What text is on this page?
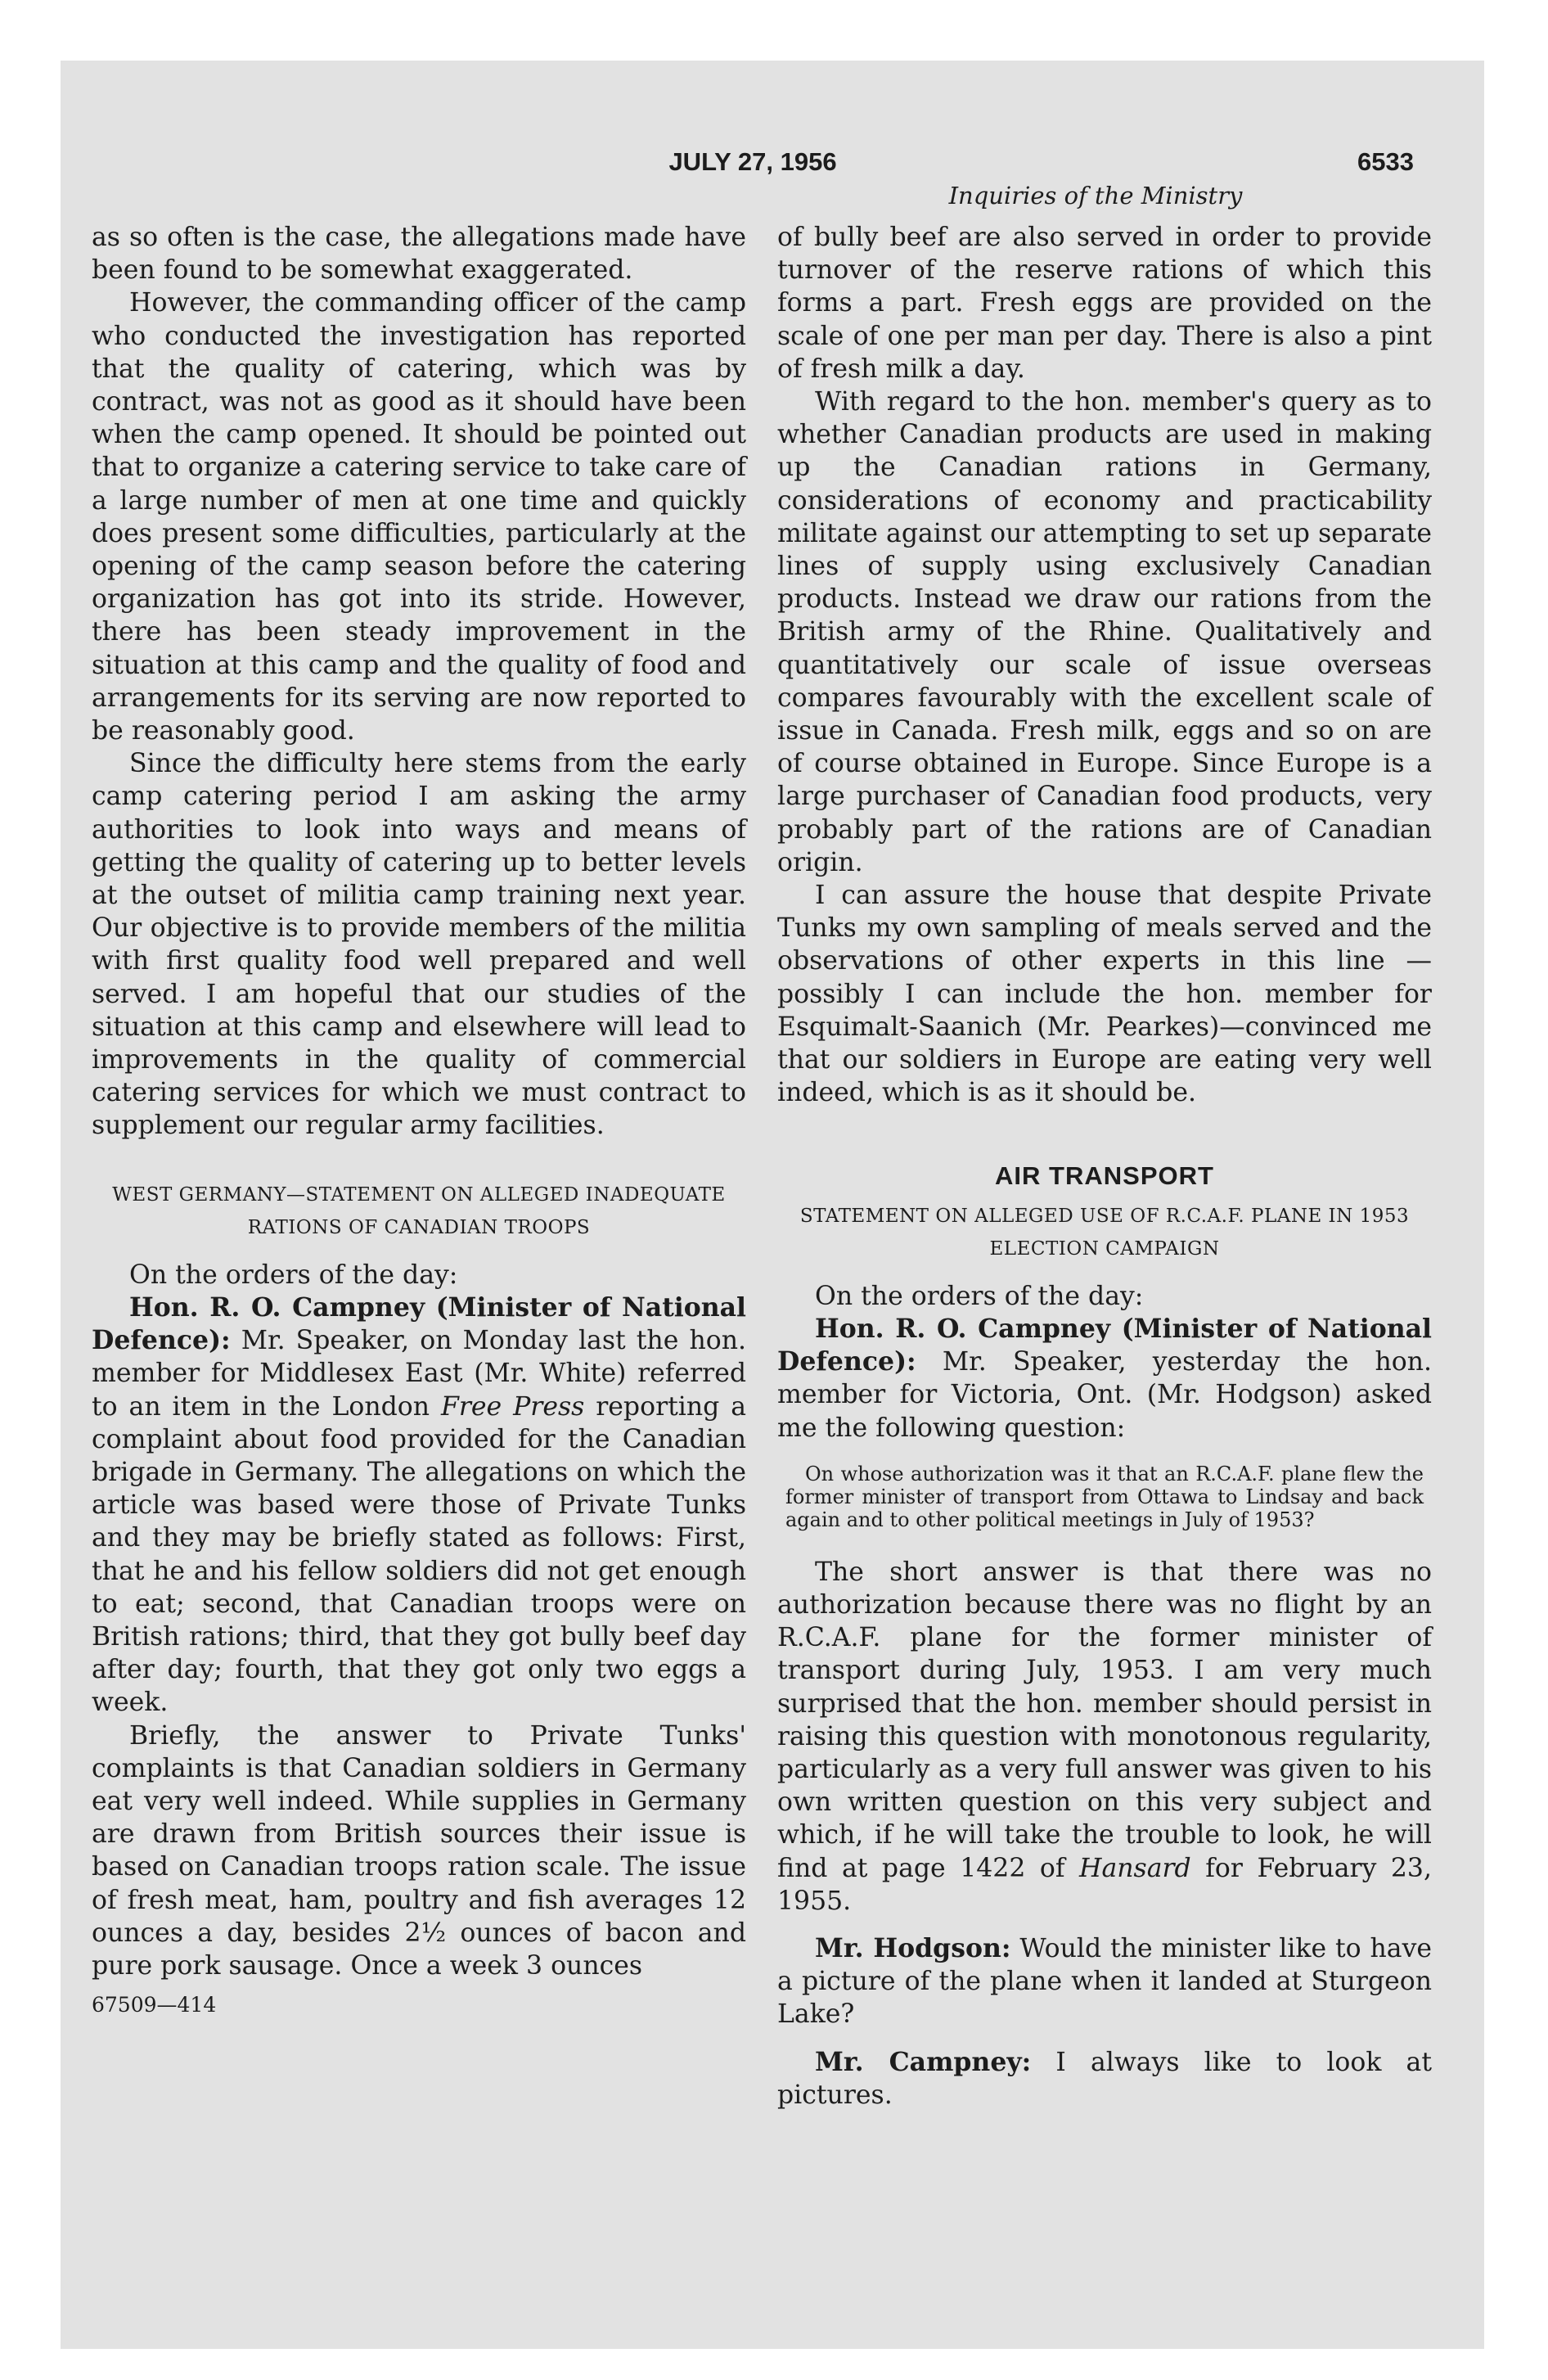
JULY 27, 1956	6533
Inquiries of the Ministry

as so often is the case, the allegations made have been found to be somewhat exaggerated.

However, the commanding officer of the camp who conducted the investigation has reported that the quality of catering, which was by contract, was not as good as it should have been when the camp opened. It should be pointed out that to organize a catering service to take care of a large number of men at one time and quickly does present some difficulties, particularly at the opening of the camp season before the catering organization has got into its stride. However, there has been steady improvement in the situation at this camp and the quality of food and arrangements for its serving are now reported to be reasonably good.

Since the difficulty here stems from the early camp catering period I am asking the army authorities to look into ways and means of getting the quality of catering up to better levels at the outset of militia camp training next year. Our objective is to provide members of the militia with first quality food well prepared and well served. I am hopeful that our studies of the situation at this camp and elsewhere will lead to improvements in the quality of commercial catering services for which we must contract to supplement our regular army facilities.

WEST GERMANY—STATEMENT ON ALLEGED INADEQUATE RATIONS OF CANADIAN TROOPS

On the orders of the day:

Hon. R. O. Campney (Minister of National Defence): Mr. Speaker, on Monday last the hon. member for Middlesex East (Mr. White) referred to an item in the London Free Press reporting a complaint about food provided for the Canadian brigade in Germany. The allegations on which the article was based were those of Private Tunks and they may be briefly stated as follows: First, that he and his fellow soldiers did not get enough to eat; second, that Canadian troops were on British rations; third, that they got bully beef day after day; fourth, that they got only two eggs a week.

Briefly, the answer to Private Tunks' complaints is that Canadian soldiers in Germany eat very well indeed. While supplies in Germany are drawn from British sources their issue is based on Canadian troops ration scale. The issue of fresh meat, ham, poultry and fish averages 12 ounces a day, besides 2½ ounces of bacon and pure pork sausage. Once a week 3 ounces

67509—414

of bully beef are also served in order to provide turnover of the reserve rations of which this forms a part. Fresh eggs are provided on the scale of one per man per day. There is also a pint of fresh milk a day.

With regard to the hon. member's query as to whether Canadian products are used in making up the Canadian rations in Germany, considerations of economy and practicability militate against our attempting to set up separate lines of supply using exclusively Canadian products. Instead we draw our rations from the British army of the Rhine. Qualitatively and quantitatively our scale of issue overseas compares favourably with the excellent scale of issue in Canada. Fresh milk, eggs and so on are of course obtained in Europe. Since Europe is a large purchaser of Canadian food products, very probably part of the rations are of Canadian origin.

I can assure the house that despite Private Tunks my own sampling of meals served and the observations of other experts in this line —possibly I can include the hon. member for Esquimalt-Saanich (Mr. Pearkes)—convinced me that our soldiers in Europe are eating very well indeed, which is as it should be.

AIR TRANSPORT
STATEMENT ON ALLEGED USE OF R.C.A.F. PLANE IN 1953 ELECTION CAMPAIGN

On the orders of the day:

Hon. R. O. Campney (Minister of National Defence): Mr. Speaker, yesterday the hon. member for Victoria, Ont. (Mr. Hodgson) asked me the following question:

On whose authorization was it that an R.C.A.F. plane flew the former minister of transport from Ottawa to Lindsay and back again and to other political meetings in July of 1953?

The short answer is that there was no authorization because there was no flight by an R.C.A.F. plane for the former minister of transport during July, 1953. I am very much surprised that the hon. member should persist in raising this question with monotonous regularity, particularly as a very full answer was given to his own written question on this very subject and which, if he will take the trouble to look, he will find at page 1422 of Hansard for February 23, 1955.

Mr. Hodgson: Would the minister like to have a picture of the plane when it landed at Sturgeon Lake?

Mr. Campney: I always like to look at pictures.
